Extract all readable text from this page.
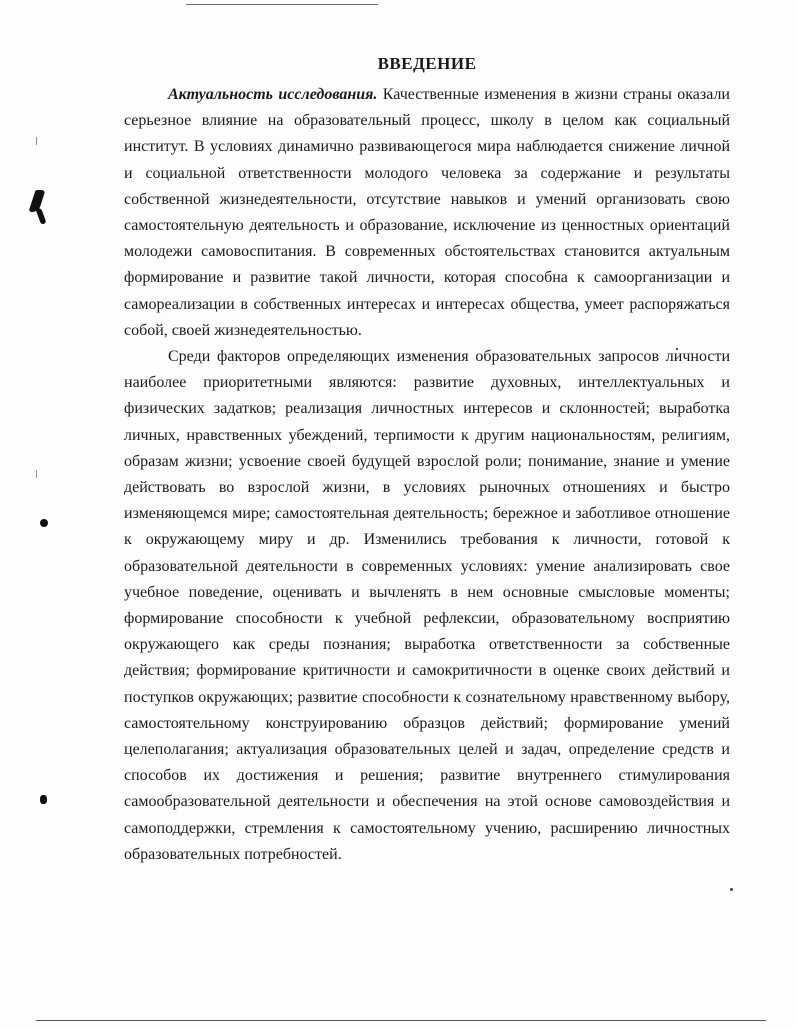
ВВЕДЕНИЕ

Актуальность исследования. Качественные изменения в жизни страны оказали серьезное влияние на образовательный процесс, школу в целом как социальный институт. В условиях динамично развивающегося мира наблюдается снижение личной и социальной ответственности молодого человека за содержание и результаты собственной жизнедеятельности, отсутствие навыков и умений организовать свою самостоятельную деятельность и образование, исключение из ценностных ориентаций молодежи самовоспитания. В современных обстоятельствах становится актуальным формирование и развитие такой личности, которая способна к самоорганизации и самореализации в собственных интересах и интересах общества, умеет распоряжаться собой, своей жизнедеятельностью.

Среди факторов определяющих изменения образовательных запросов личности наиболее приоритетными являются: развитие духовных, интеллектуальных и физических задатков; реализация личностных интересов и склонностей; выработка личных, нравственных убеждений, терпимости к другим национальностям, религиям, образам жизни; усвоение своей будущей взрослой роли; понимание, знание и умение действовать во взрослой жизни, в условиях рыночных отношениях и быстро изменяющемся мире; самостоятельная деятельность; бережное и заботливое отношение к окружающему миру и др. Изменились требования к личности, готовой к образовательной деятельности в современных условиях: умение анализировать свое учебное поведение, оценивать и вычленять в нем основные смысловые моменты; формирование способности к учебной рефлексии, образовательному восприятию окружающего как среды познания; выработка ответственности за собственные действия; формирование критичности и самокритичности в оценке своих действий и поступков окружающих; развитие способности к сознательному нравственному выбору, самостоятельному конструированию образцов действий; формирование умений целеполагания; актуализация образовательных целей и задач, определение средств и способов их достижения и решения; развитие внутреннего стимулирования самообразовательной деятельности и обеспечения на этой основе самовоздействия и самоподдержки, стремления к самостоятельному учению, расширению личностных образовательных потребностей.
